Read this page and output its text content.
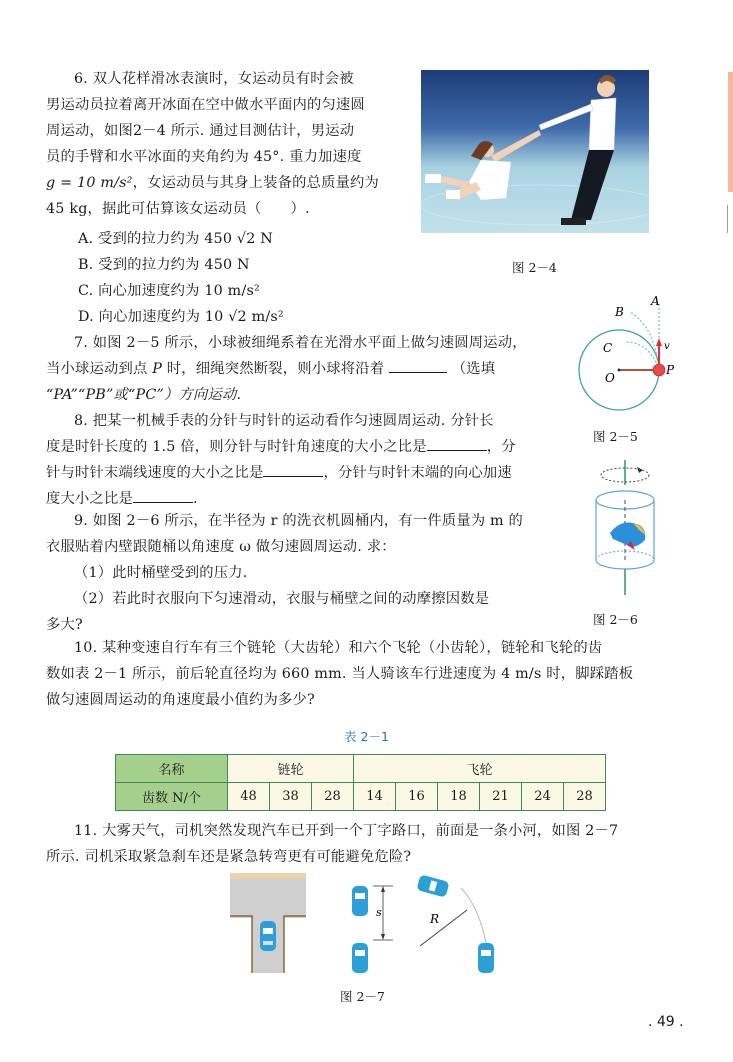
6. 双人花样滑冰表演时，女运动员有时会被
男运动员拉着离开冰面在空中做水平面内的匀速圆
周运动，如图2－4 所示. 通过目测估计，男运动
员的手臂和水平冰面的夹角约为 45°. 重力加速度
g = 10 m/s²，女运动员与其身上装备的总质量约为
45 kg，据此可估算该女运动员（　　）.
A. 受到的拉力约为 450 √2 N
B. 受到的拉力约为 450 N
C. 向心加速度约为 10 m/s²
D. 向心加速度约为 10 √2 m/s²
图 2－4
7. 如图 2－5 所示，小球被细绳系着在光滑水平面上做匀速圆周运动，
当小球运动到点 P 时，细绳突然断裂，则小球将沿着	（选填
“PA”“PB”或“PC”）方向运动.
A
B
C
O
P
v
图 2－5
8. 把某一机械手表的分针与时针的运动看作匀速圆周运动. 分针长
度是时针长度的 1.5 倍，则分针与时针角速度的大小之比是	，分
针与时针末端线速度的大小之比是	，分针与时针末端的向心加速
度大小之比是	.
9. 如图 2－6 所示，在半径为 r 的洗衣机圆桶内，有一件质量为 m 的
衣服贴着内壁跟随桶以角速度 ω 做匀速圆周运动. 求：
（1）此时桶壁受到的压力.
（2）若此时衣服向下匀速滑动，衣服与桶壁之间的动摩擦因数是
多大?	图 2－6
10. 某种变速自行车有三个链轮（大齿轮）和六个飞轮（小齿轮），链轮和飞轮的齿
数如表 2－1 所示，前后轮直径均为 660 mm. 当人骑该车行进速度为 4 m/s 时，脚踩踏板
做匀速圆周运动的角速度最小值约为多少?
表 2－1
名称	链轮			飞轮					
齿数 N/个	48	38	28	14	16	18	21	24	28
11. 大雾天气，司机突然发现汽车已开到一个丁字路口，前面是一条小河，如图 2－7
所示. 司机采取紧急刹车还是紧急转弯更有可能避免危险?
s	R
图 2－7
. 49 .
